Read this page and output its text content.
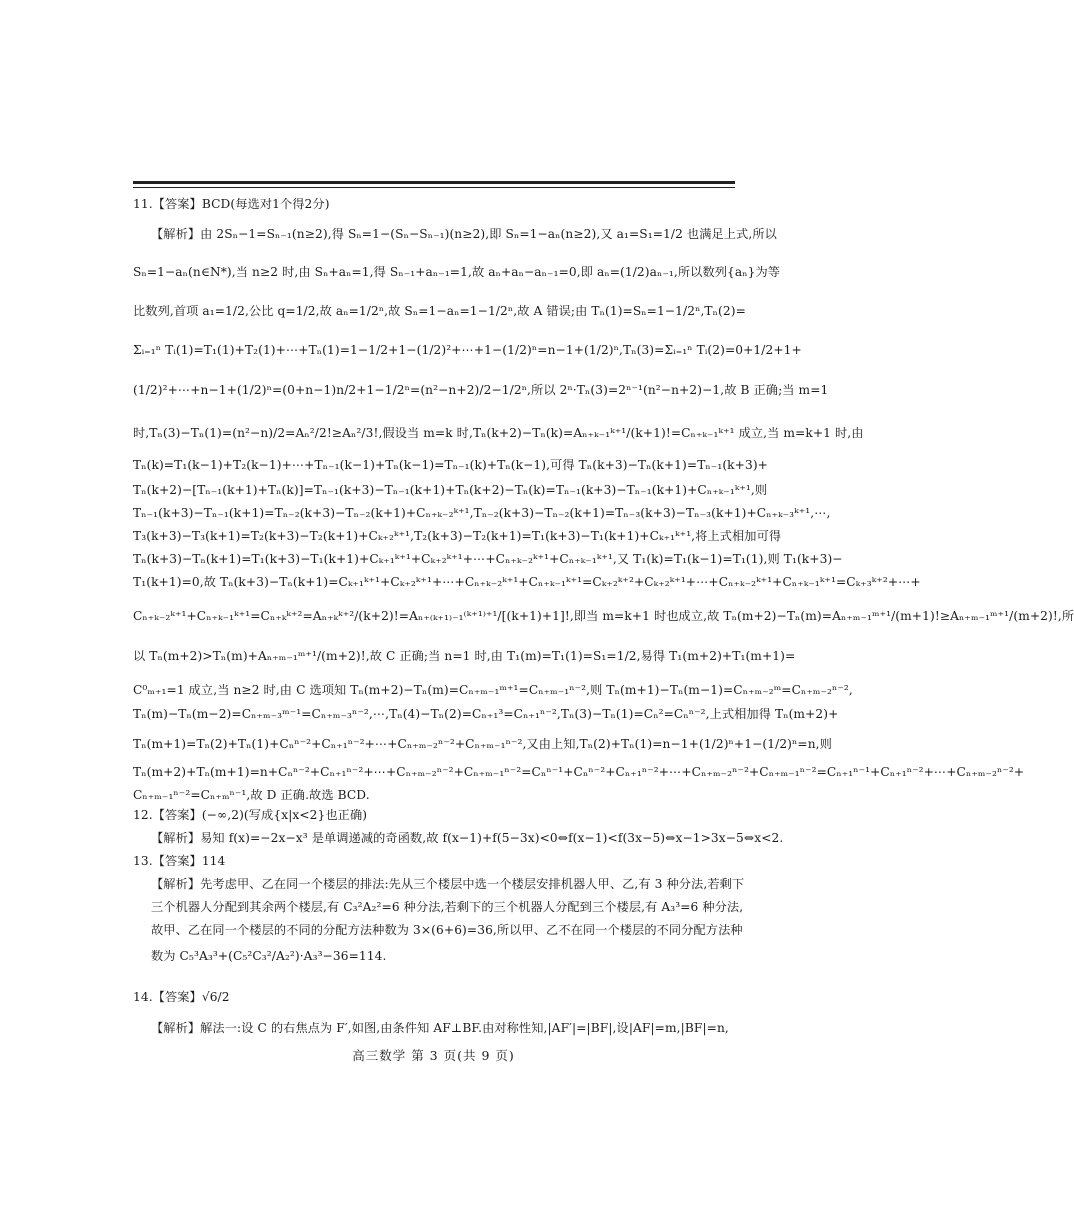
11.【答案】BCD(每选对1个得2分)
【解析】由 2Sₙ−1=Sₙ₋₁(n≥2),得 Sₙ=1−(Sₙ−Sₙ₋₁)(n≥2),即 Sₙ=1−aₙ(n≥2),又 a₁=S₁=1/2 也满足上式,所以
Sₙ=1−aₙ(n∈N*),当 n≥2 时,由 Sₙ+aₙ=1,得 Sₙ₋₁+aₙ₋₁=1,故 aₙ+aₙ−aₙ₋₁=0,即 aₙ=(1/2)aₙ₋₁,所以数列{aₙ}为等
比数列,首项 a₁=1/2,公比 q=1/2,故 aₙ=1/2ⁿ,故 Sₙ=1−aₙ=1−1/2ⁿ,故 A 错误;由 Tₙ(1)=Sₙ=1−1/2ⁿ,Tₙ(2)=
Σᵢ₌₁ⁿ Tᵢ(1)=T₁(1)+T₂(1)+⋯+Tₙ(1)=1−1/2+1−(1/2)²+⋯+1−(1/2)ⁿ=n−1+(1/2)ⁿ,Tₙ(3)=Σᵢ₌₁ⁿ Tᵢ(2)=0+1/2+1+
(1/2)²+⋯+n−1+(1/2)ⁿ=(0+n−1)n/2+1−1/2ⁿ=(n²−n+2)/2−1/2ⁿ,所以 2ⁿ·Tₙ(3)=2ⁿ⁻¹(n²−n+2)−1,故 B 正确;当 m=1
时,Tₙ(3)−Tₙ(1)=(n²−n)/2=Aₙ²/2!≥Aₙ²/3!,假设当 m=k 时,Tₙ(k+2)−Tₙ(k)=Aₙ₊ₖ₋₁ᵏ⁺¹/(k+1)!=Cₙ₊ₖ₋₁ᵏ⁺¹ 成立,当 m=k+1 时,由
Tₙ(k)=T₁(k−1)+T₂(k−1)+⋯+Tₙ₋₁(k−1)+Tₙ(k−1)=Tₙ₋₁(k)+Tₙ(k−1),可得 Tₙ(k+3)−Tₙ(k+1)=Tₙ₋₁(k+3)+
Tₙ(k+2)−[Tₙ₋₁(k+1)+Tₙ(k)]=Tₙ₋₁(k+3)−Tₙ₋₁(k+1)+Tₙ(k+2)−Tₙ(k)=Tₙ₋₁(k+3)−Tₙ₋₁(k+1)+Cₙ₊ₖ₋₁ᵏ⁺¹,则
Tₙ₋₁(k+3)−Tₙ₋₁(k+1)=Tₙ₋₂(k+3)−Tₙ₋₂(k+1)+Cₙ₊ₖ₋₂ᵏ⁺¹,Tₙ₋₂(k+3)−Tₙ₋₂(k+1)=Tₙ₋₃(k+3)−Tₙ₋₃(k+1)+Cₙ₊ₖ₋₃ᵏ⁺¹,⋯,
T₃(k+3)−T₃(k+1)=T₂(k+3)−T₂(k+1)+Cₖ₊₂ᵏ⁺¹,T₂(k+3)−T₂(k+1)=T₁(k+3)−T₁(k+1)+Cₖ₊₁ᵏ⁺¹,将上式相加可得
Tₙ(k+3)−Tₙ(k+1)=T₁(k+3)−T₁(k+1)+Cₖ₊₁ᵏ⁺¹+Cₖ₊₂ᵏ⁺¹+⋯+Cₙ₊ₖ₋₂ᵏ⁺¹+Cₙ₊ₖ₋₁ᵏ⁺¹,又 T₁(k)=T₁(k−1)=T₁(1),则 T₁(k+3)−
T₁(k+1)=0,故 Tₙ(k+3)−Tₙ(k+1)=Cₖ₊₁ᵏ⁺¹+Cₖ₊₂ᵏ⁺¹+⋯+Cₙ₊ₖ₋₂ᵏ⁺¹+Cₙ₊ₖ₋₁ᵏ⁺¹=Cₖ₊₂ᵏ⁺²+Cₖ₊₂ᵏ⁺¹+⋯+Cₙ₊ₖ₋₂ᵏ⁺¹+Cₙ₊ₖ₋₁ᵏ⁺¹=Cₖ₊₃ᵏ⁺²+⋯+
Cₙ₊ₖ₋₂ᵏ⁺¹+Cₙ₊ₖ₋₁ᵏ⁺¹=Cₙ₊ₖᵏ⁺²=Aₙ₊ₖᵏ⁺²/(k+2)!=Aₙ₊₍ₖ₊₁₎₋₁⁽ᵏ⁺¹⁾⁺¹/[(k+1)+1]!,即当 m=k+1 时也成立,故 Tₙ(m+2)−Tₙ(m)=Aₙ₊ₘ₋₁ᵐ⁺¹/(m+1)!≥Aₙ₊ₘ₋₁ᵐ⁺¹/(m+2)!,所
以 Tₙ(m+2)>Tₙ(m)+Aₙ₊ₘ₋₁ᵐ⁺¹/(m+2)!,故 C 正确;当 n=1 时,由 T₁(m)=T₁(1)=S₁=1/2,易得 T₁(m+2)+T₁(m+1)=
C⁰ₘ₊₁=1 成立,当 n≥2 时,由 C 选项知 Tₙ(m+2)−Tₙ(m)=Cₙ₊ₘ₋₁ᵐ⁺¹=Cₙ₊ₘ₋₁ⁿ⁻²,则 Tₙ(m+1)−Tₙ(m−1)=Cₙ₊ₘ₋₂ᵐ=Cₙ₊ₘ₋₂ⁿ⁻²,
Tₙ(m)−Tₙ(m−2)=Cₙ₊ₘ₋₃ᵐ⁻¹=Cₙ₊ₘ₋₃ⁿ⁻²,⋯,Tₙ(4)−Tₙ(2)=Cₙ₊₁³=Cₙ₊₁ⁿ⁻²,Tₙ(3)−Tₙ(1)=Cₙ²=Cₙⁿ⁻²,上式相加得 Tₙ(m+2)+
Tₙ(m+1)=Tₙ(2)+Tₙ(1)+Cₙⁿ⁻²+Cₙ₊₁ⁿ⁻²+⋯+Cₙ₊ₘ₋₂ⁿ⁻²+Cₙ₊ₘ₋₁ⁿ⁻²,又由上知,Tₙ(2)+Tₙ(1)=n−1+(1/2)ⁿ+1−(1/2)ⁿ=n,则
Tₙ(m+2)+Tₙ(m+1)=n+Cₙⁿ⁻²+Cₙ₊₁ⁿ⁻²+⋯+Cₙ₊ₘ₋₂ⁿ⁻²+Cₙ₊ₘ₋₁ⁿ⁻²=Cₙⁿ⁻¹+Cₙⁿ⁻²+Cₙ₊₁ⁿ⁻²+⋯+Cₙ₊ₘ₋₂ⁿ⁻²+Cₙ₊ₘ₋₁ⁿ⁻²=Cₙ₊₁ⁿ⁻¹+Cₙ₊₁ⁿ⁻²+⋯+Cₙ₊ₘ₋₂ⁿ⁻²+
Cₙ₊ₘ₋₁ⁿ⁻²=Cₙ₊ₘⁿ⁻¹,故 D 正确.故选 BCD.
12.【答案】(−∞,2)(写成{x|x<2}也正确)
【解析】易知 f(x)=−2x−x³ 是单调递减的奇函数,故 f(x−1)+f(5−3x)<0⇔f(x−1)<f(3x−5)⇔x−1>3x−5⇔x<2.
13.【答案】114
【解析】先考虑甲、乙在同一个楼层的排法:先从三个楼层中选一个楼层安排机器人甲、乙,有 3 种分法,若剩下
三个机器人分配到其余两个楼层,有 C₃²A₂²=6 种分法,若剩下的三个机器人分配到三个楼层,有 A₃³=6 种分法,
故甲、乙在同一个楼层的不同的分配方法种数为 3×(6+6)=36,所以甲、乙不在同一个楼层的不同分配方法种
数为 C₅³A₃³+(C₅²C₃²/A₂²)·A₃³−36=114.
14.【答案】√6/2
【解析】解法一:设 C 的右焦点为 F′,如图,由条件知 AF⊥BF.由对称性知,|AF′|=|BF|,设|AF|=m,|BF|=n,
高三数学 第 3 页(共 9 页)
